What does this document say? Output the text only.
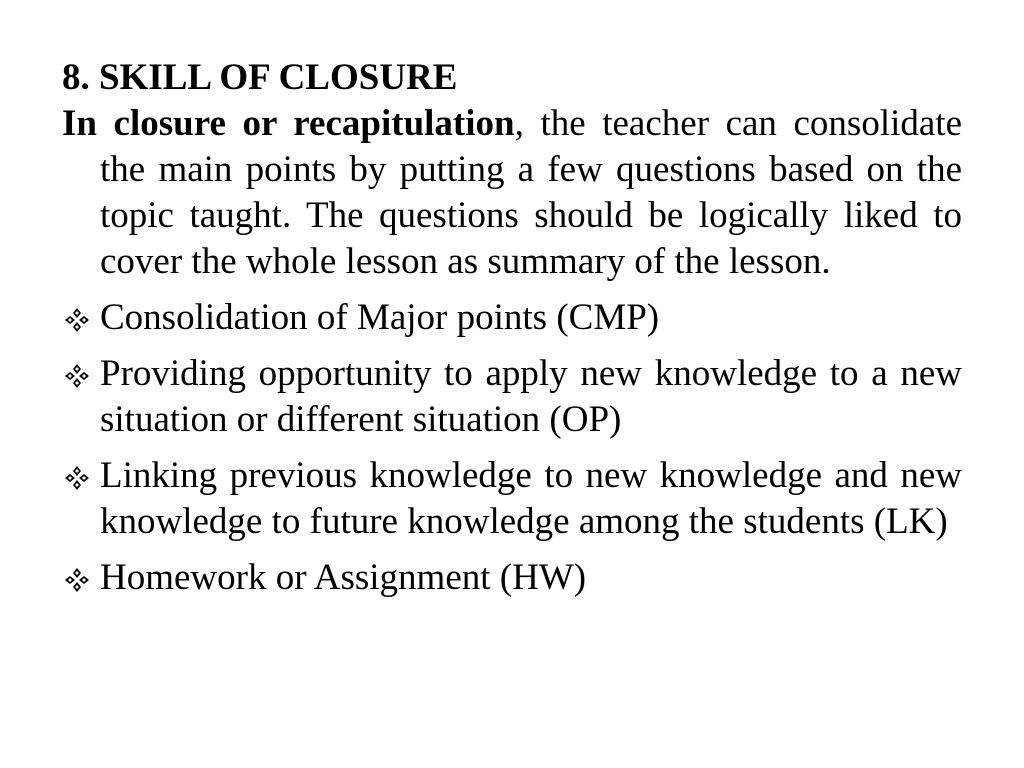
8. SKILL OF CLOSURE

In closure or recapitulation, the teacher can consolidate the main points by putting a few questions based on the topic taught. The questions should be logically liked to cover the whole lesson as summary of the lesson.

Consolidation of Major points (CMP)
Providing opportunity to apply new knowledge to a new situation or different situation (OP)
Linking previous knowledge to new knowledge and new knowledge to future knowledge among the students (LK)
Homework or Assignment (HW)
